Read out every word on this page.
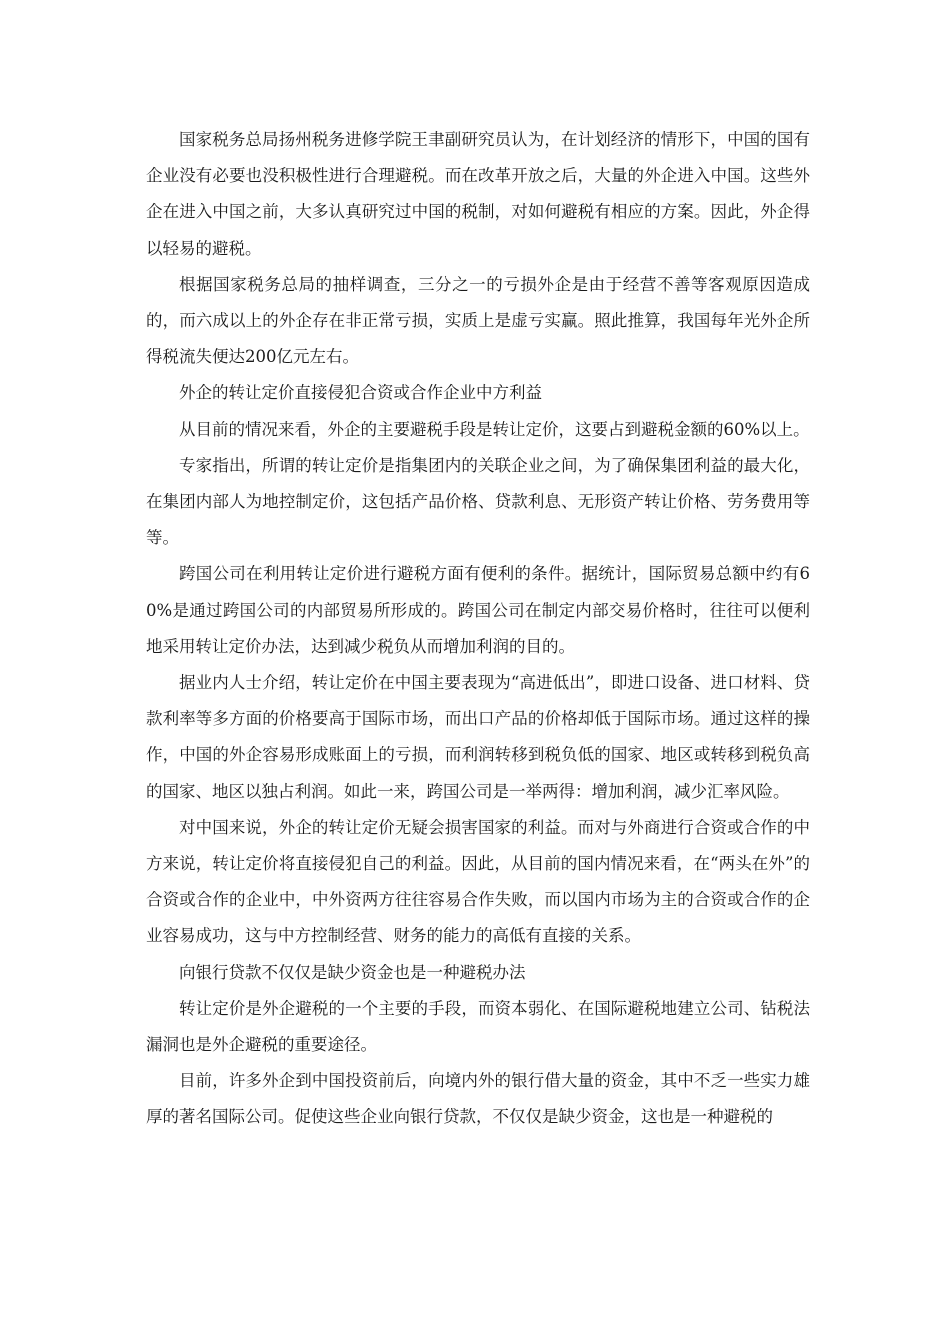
国家税务总局扬州税务进修学院王聿副研究员认为，在计划经济的情形下，中国的国有企业没有必要也没积极性进行合理避税。而在改革开放之后，大量的外企进入中国。这些外企在进入中国之前，大多认真研究过中国的税制，对如何避税有相应的方案。因此，外企得以轻易的避税。

根据国家税务总局的抽样调查，三分之一的亏损外企是由于经营不善等客观原因造成的，而六成以上的外企存在非正常亏损，实质上是虚亏实赢。照此推算，我国每年光外企所得税流失便达200亿元左右。

外企的转让定价直接侵犯合资或合作企业中方利益

从目前的情况来看，外企的主要避税手段是转让定价，这要占到避税金额的60%以上。

专家指出，所谓的转让定价是指集团内的关联企业之间，为了确保集团利益的最大化，在集团内部人为地控制定价，这包括产品价格、贷款利息、无形资产转让价格、劳务费用等等。

跨国公司在利用转让定价进行避税方面有便利的条件。据统计，国际贸易总额中约有60%是通过跨国公司的内部贸易所形成的。跨国公司在制定内部交易价格时，往往可以便利地采用转让定价办法，达到减少税负从而增加利润的目的。

据业内人士介绍，转让定价在中国主要表现为“高进低出”，即进口设备、进口材料、贷款利率等多方面的价格要高于国际市场，而出口产品的价格却低于国际市场。通过这样的操作，中国的外企容易形成账面上的亏损，而利润转移到税负低的国家、地区或转移到税负高的国家、地区以独占利润。如此一来，跨国公司是一举两得：增加利润，减少汇率风险。

对中国来说，外企的转让定价无疑会损害国家的利益。而对与外商进行合资或合作的中方来说，转让定价将直接侵犯自己的利益。因此，从目前的国内情况来看，在“两头在外”的合资或合作的企业中，中外资两方往往容易合作失败，而以国内市场为主的合资或合作的企业容易成功，这与中方控制经营、财务的能力的高低有直接的关系。

向银行贷款不仅仅是缺少资金也是一种避税办法

转让定价是外企避税的一个主要的手段，而资本弱化、在国际避税地建立公司、钻税法漏洞也是外企避税的重要途径。

目前，许多外企到中国投资前后，向境内外的银行借大量的资金，其中不乏一些实力雄厚的著名国际公司。促使这些企业向银行贷款，不仅仅是缺少资金，这也是一种避税的
